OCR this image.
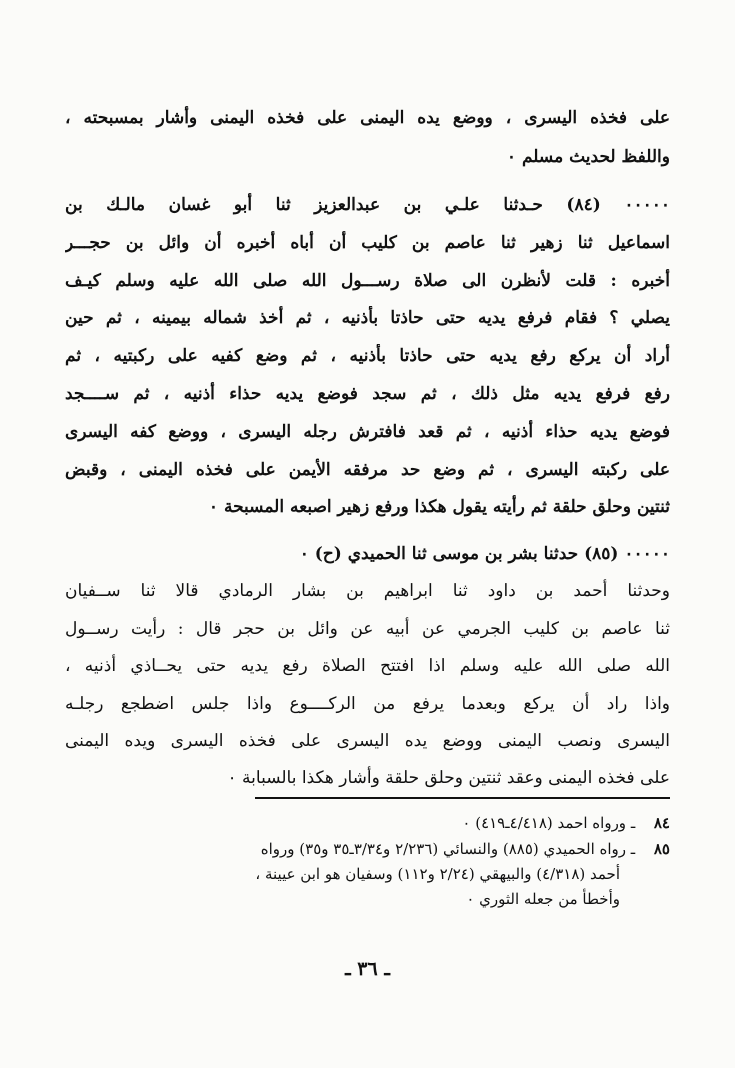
على فخذه اليسرى ، ووضع يده اليمنى على فخذه اليمنى وأشار بمسبحته ،
واللفظ لحديث مسلم ٠
٠٠٠٠٠ (٨٤) حـدثنا علـي بن عبدالعزيز ثنا أبو غسان مالـك بن
اسماعيل ثنا زهير ثنا عاصم بن كليب أن أباه أخبره أن وائل بن حجـــر
أخبره : قلت لأنظرن الى صلاة رســـول الله صلى الله عليه وسلم كيـف
يصلي ؟ فقام فرفع يديه حتى حاذتا بأذنيه ، ثم أخذ شماله بيمينه ، ثم حين
أراد أن يركع رفع يديه حتى حاذتا بأذنيه ، ثم وضع كفيه على ركبتيه ، ثم
رفع فرفع يديه مثل ذلك ، ثم سجد فوضع يديه حذاء أذنيه ، ثم ســــجد
فوضع يديه حذاء أذنيه ، ثم قعد فافترش رجله اليسرى ، ووضع كفه اليسرى
على ركبته اليسرى ، ثم وضع حد مرفقه الأيمن على فخذه اليمنى ، وقبض
ثنتين وحلق حلقة ثم رأيته يقول هكذا ورفع زهير اصبعه المسبحة ٠
٠٠٠٠٠ (٨٥) حدثنا بشر بن موسى ثنا الحميدي (ح) ٠
وحدثنا أحمد بن داود ثنا ابراهيم بن بشار الرمادي قالا ثنا ســفيان
ثنا عاصم بن كليب الجرمي عن أبيه عن وائل بن حجر قال : رأيت رســول
الله صلى الله عليه وسلم اذا افتتح الصلاة رفع يديه حتى يحــاذي أذنيه ،
واذا راد أن يركع وبعدما يرفع من الركــــوع واذا جلس اضطجع رجلـه
اليسرى ونصب اليمنى ووضع يده اليسرى على فخذه اليسرى ويده اليمنى
على فخذه اليمنى وعقد ثنتين وحلق حلقة وأشار هكذا بالسبابة ٠
٨٤ ـ ورواه احمد (٤/٤١٨ـ٤١٩) ٠
٨٥ ـ رواه الحميدي (٨٨٥) والنسائي (٢/٢٣٦ و٣/٣٤ـ٣٥ و٣٥) ورواه
أحمد (٤/٣١٨) والبيهقي (٢/٢٤ و١١٢) وسفيان هو ابن عيينة ،
وأخطأ من جعله الثوري ٠
ـ ٣٦ ـ
